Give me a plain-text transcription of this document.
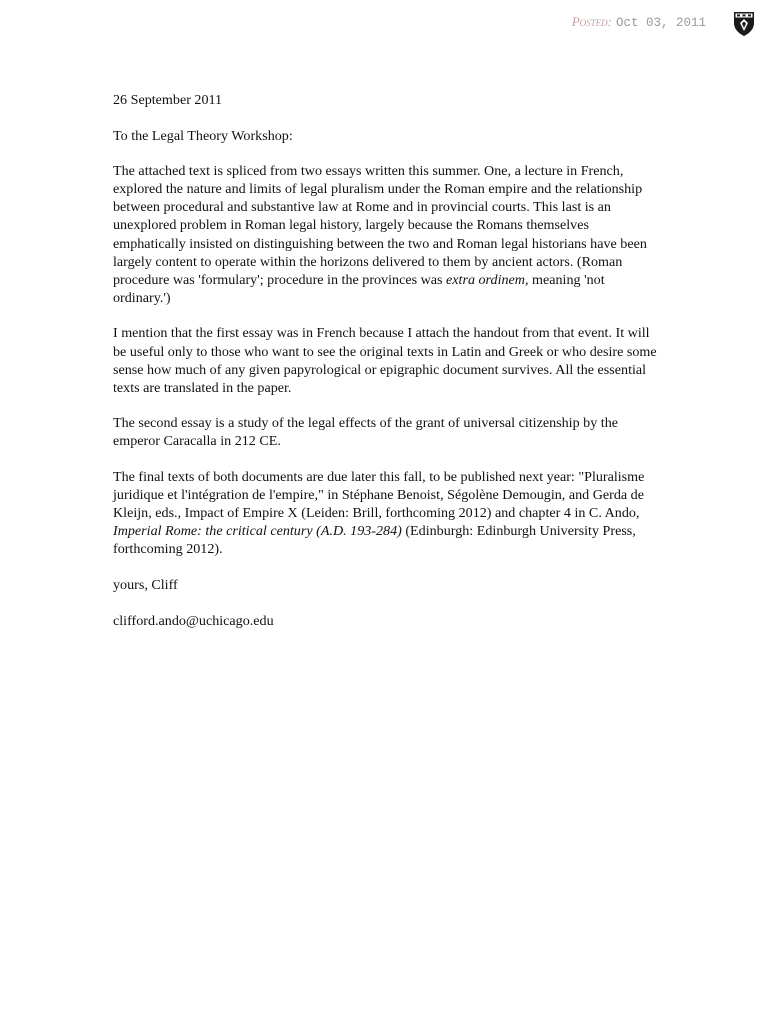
Posted: Oct 03, 2011

26 September 2011

To the Legal Theory Workshop:

The attached text is spliced from two essays written this summer. One, a lecture in French, explored the nature and limits of legal pluralism under the Roman empire and the relationship between procedural and substantive law at Rome and in provincial courts. This last is an unexplored problem in Roman legal history, largely because the Romans themselves emphatically insisted on distinguishing between the two and Roman legal historians have been largely content to operate within the horizons delivered to them by ancient actors. (Roman procedure was 'formulary'; procedure in the provinces was extra ordinem, meaning 'not ordinary.')

I mention that the first essay was in French because I attach the handout from that event. It will be useful only to those who want to see the original texts in Latin and Greek or who desire some sense how much of any given papyrological or epigraphic document survives. All the essential texts are translated in the paper.

The second essay is a study of the legal effects of the grant of universal citizenship by the emperor Caracalla in 212 CE.

The final texts of both documents are due later this fall, to be published next year: "Pluralisme juridique et l'intégration de l'empire," in Stéphane Benoist, Ségolène Demougin, and Gerda de Kleijn, eds., Impact of Empire X (Leiden: Brill, forthcoming 2012) and chapter 4 in C. Ando, Imperial Rome: the critical century (A.D. 193-284) (Edinburgh: Edinburgh University Press, forthcoming 2012).

yours, Cliff

clifford.ando@uchicago.edu
